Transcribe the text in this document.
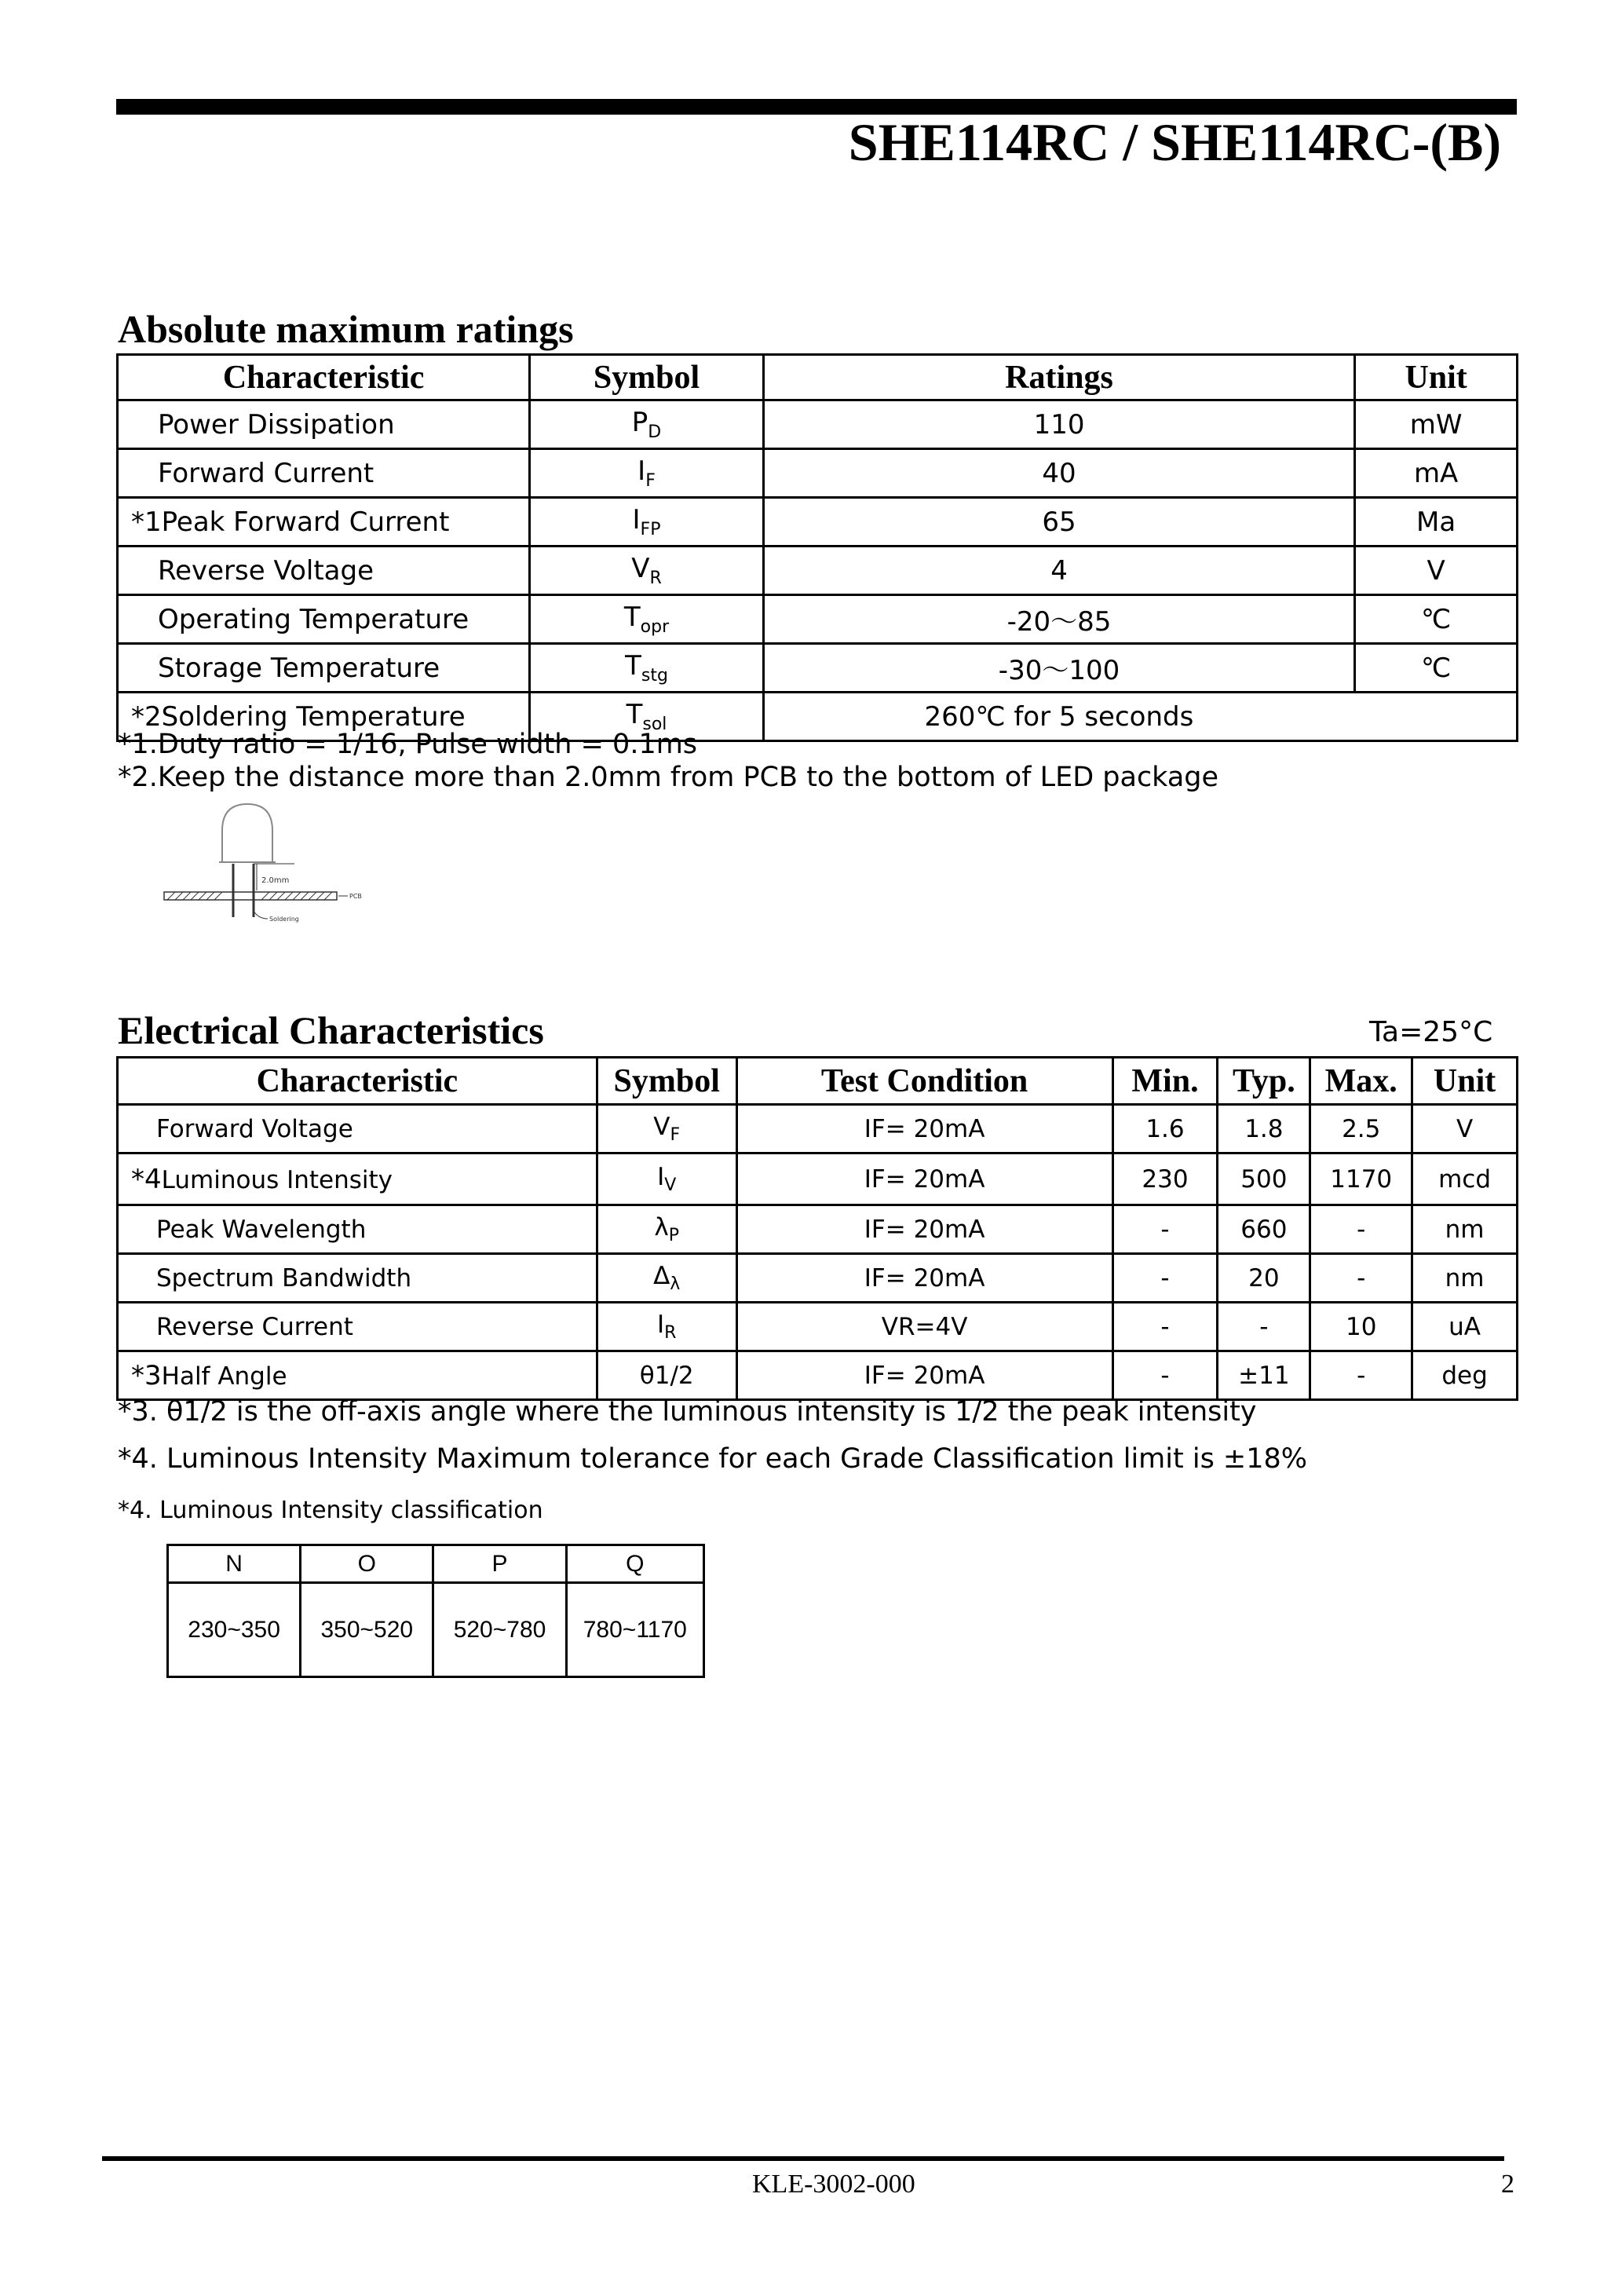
SHE114RC / SHE114RC-(B)
Absolute maximum ratings
Characteristic	Symbol	Ratings	Unit
Power Dissipation	$P_D$	110	mW
Forward Current	$I_F$	40	mA
*1Peak Forward Current	$I_{FP}$	65	Ma
Reverse Voltage	$V_R$	4	V
Operating Temperature	$T_{opr}$	-20～85	℃
Storage Temperature	$T_{stg}$	-30～100	℃
*2Soldering Temperature	$T_{sol}$	260℃ for 5 seconds	
*1.Duty ratio = 1/16, Pulse width = 0.1ms
*2.Keep the distance more than 2.0mm from PCB to the bottom of LED package
2.0mm
PCB
Soldering
Electrical Characteristics	Ta=25°C
Characteristic	Symbol	Test Condition	Min.	Typ.	Max.	Unit
Forward Voltage	$V_F$	IF= 20mA	1.6	1.8	2.5	V
*4Luminous Intensity	$I_V$	IF= 20mA	230	500	1170	mcd
Peak Wavelength	$\lambda_P$	IF= 20mA	-	660	-	nm
Spectrum Bandwidth	$\Delta_\lambda$	IF= 20mA	-	20	-	nm
Reverse Current	$I_R$	VR=4V	-	-	10	uA
*3Half Angle	θ1/2	IF= 20mA	-	±11	-	deg
*3. θ1/2 is the off-axis angle where the luminous intensity is 1/2 the peak intensity
*4. Luminous Intensity Maximum tolerance for each Grade Classification limit is ±18%
*4. Luminous Intensity classification
N	O	P	Q
230~350	350~520	520~780	780~1170
KLE-3002-000	2
